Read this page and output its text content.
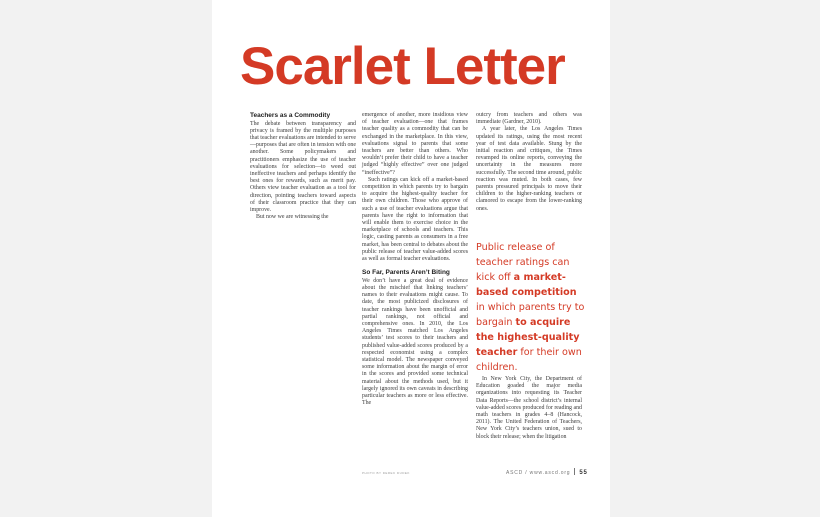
Scarlet Letter
Teachers as a Commodity

The debate between transparency and privacy is framed by the multiple purposes that teacher evaluations are intended to serve—purposes that are often in tension with one another. Some policymakers and practitioners emphasize the use of teacher evaluations for selection—to weed out ineffective teachers and perhaps identify the best ones for rewards, such as merit pay. Others view teacher evaluation as a tool for direction, pointing teachers toward aspects of their classroom practice that they can improve.

But now we are witnessing the

emergence of another, more insidious view of teacher evaluation—one that frames teacher quality as a commodity that can be exchanged in the marketplace. In this view, evaluations signal to parents that some teachers are better than others. Who wouldn’t prefer their child to have a teacher judged “highly effective” over one judged “ineffective”?

Such ratings can kick off a market-based competition in which parents try to bargain to acquire the highest-quality teacher for their own children. Those who approve of such a use of teacher evaluations argue that parents have the right to information that will enable them to exercise choice in the marketplace of schools and teachers. This logic, casting parents as consumers in a free market, has been central to debates about the public release of teacher value-added scores as well as formal teacher evaluations.

So Far, Parents Aren’t Biting

We don’t have a great deal of evidence about the mischief that linking teachers’ names to their evaluations might cause. To date, the most publicized disclosures of teacher rankings have been unofficial and partial rankings, not official and comprehensive ones. In 2010, the Los Angeles Times matched Los Angeles students’ test scores to their teachers and published value-added scores produced by a respected economist using a complex statistical model. The newspaper conveyed some information about the margin of error in the scores and provided some technical material about the methods used, but it largely ignored its own caveats in describing particular teachers as more or less effective. The

outcry from teachers and others was immediate (Gardner, 2010).

A year later, the Los Angeles Times updated its ratings, using the most recent year of test data available. Stung by the initial reaction and critiques, the Times revamped its online reports, conveying the uncertainty in the measures more successfully. The second time around, public reaction was muted. In both cases, few parents pressured principals to move their children to the higher-ranking teachers or clamored to escape from the lower-ranking ones.

Public release of teacher ratings can kick off a market-based competition in which parents try to bargain to acquire the highest-quality teacher for their own children.

In New York City, the Department of Education goaded the major media organizations into requesting its Teacher Data Reports—the school district’s internal value-added scores produced for reading and math teachers in grades 4–8 (Hancock, 2011). The United Federation of Teachers, New York City’s teachers union, sued to block their release; when the litigation

PHOTO BY DEREK DUDEK	ASCD / www.ascd.org 55
